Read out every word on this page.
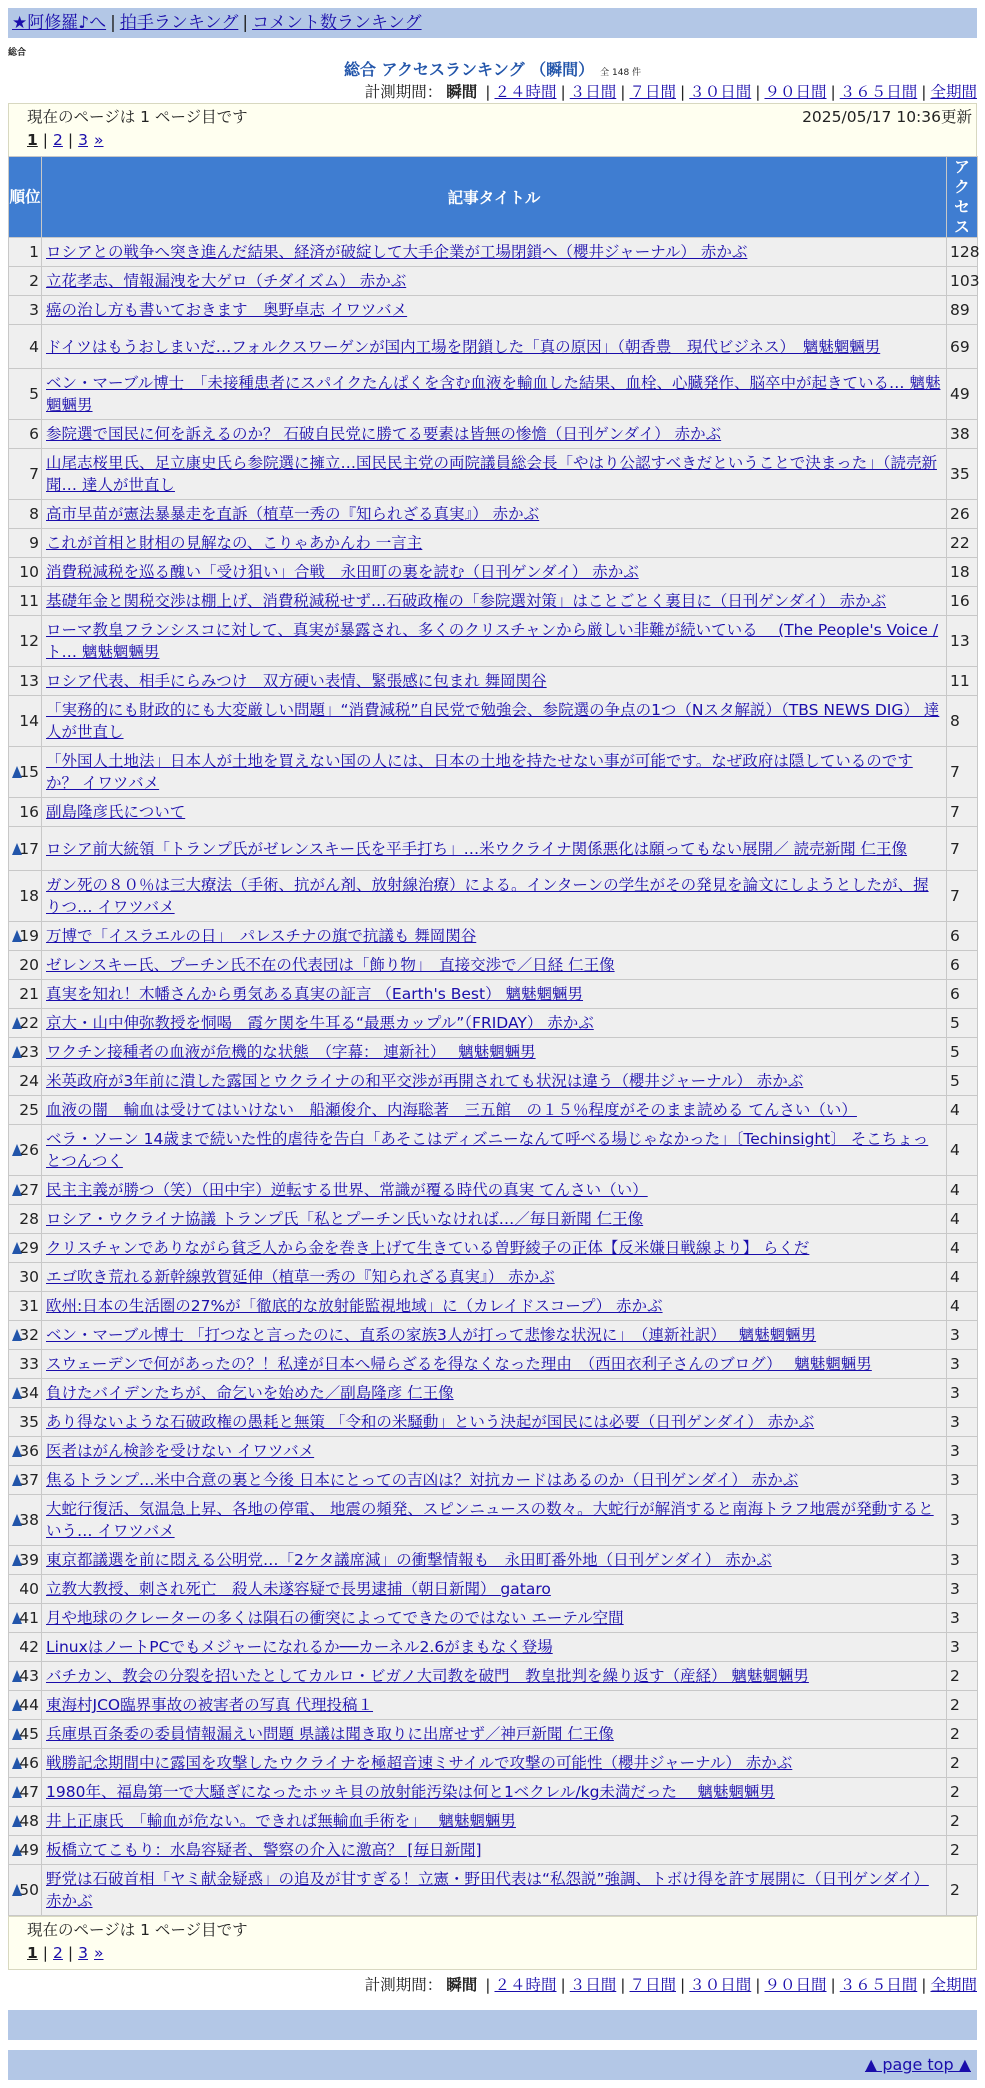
★阿修羅♪へ | 拍手ランキング | コメント数ランキング
総合
総合 アクセスランキング （瞬間） 全 148 件
計測期間： 瞬間 | ２４時間 | ３日間 | ７日間 | ３０日間 | ９０日間 | ３６５日間 | 全期間
現在のページは 1 ページ目です	2025/05/17 10:36更新
1 | 2 | 3 »
順位	記事タイトル	アクセス
1	ロシアとの戦争へ突き進んだ結果、経済が破綻して大手企業が工場閉鎖へ（櫻井ジャーナル） 赤かぶ	128
2	立花孝志、情報漏洩を大ゲロ（チダイズム） 赤かぶ	103
3	癌の治し方も書いておきます　奥野卓志 イワツバメ	89
4	ドイツはもうおしまいだ…フォルクスワーゲンが国内工場を閉鎖した「真の原因」（朝香豊　現代ビジネス）　魑魅魍魎男	69
5	ベン・マーブル博士　「未接種患者にスパイクたんぱくを含む血液を輸血した結果、血栓、心臓発作、脳卒中が起きている… 魑魅魍魎男	49
6	参院選で国民に何を訴えるのか？ 石破自民党に勝てる要素は皆無の惨憺（日刊ゲンダイ） 赤かぶ	38
7	山尾志桜里氏、足立康史氏ら参院選に擁立…国民民主党の両院議員総会長「やはり公認すべきだということで決まった」（読売新聞… 達人が世直し	35
8	高市早苗が憲法暴暴走を直訴（植草一秀の『知られざる真実』） 赤かぶ	26
9	これが首相と財相の見解なの、こりゃあかんわ 一言主	22
10	消費税減税を巡る醜い「受け狙い」合戦　永田町の裏を読む（日刊ゲンダイ） 赤かぶ	18
11	基礎年金と関税交渉は棚上げ、消費税減税せず…石破政権の「参院選対策」はことごとく裏目に（日刊ゲンダイ） 赤かぶ	16
12	ローマ教皇フランシスコに対して、真実が暴露され、多くのクリスチャンから厳しい非難が続いている　 (The People's Voice / ト… 魑魅魍魎男	13
13	ロシア代表、相手にらみつけ　双方硬い表情、緊張感に包まれ 舞岡関谷	11
14	「実務的にも財政的にも大変厳しい問題」“消費減税”自民党で勉強会、参院選の争点の1つ（Nスタ解説）（TBS NEWS DIG） 達人が世直し	8

15	「外国人土地法」日本人が土地を買えない国の人には、日本の土地を持たせない事が可能です。なぜ政府は隠しているのですか？ イワツバメ	7
16	副島隆彦氏について	7

17	ロシア前大統領「トランプ氏がゼレンスキー氏を平手打ち」…米ウクライナ関係悪化は願ってもない展開／ 読売新聞 仁王像	7
18	ガン死の８０％は三大療法（手術、抗がん剤、放射線治療）による。インターンの学生がその発見を論文にしようとしたが、握りつ… イワツバメ	7

19	万博で「イスラエルの日」　パレスチナの旗で抗議も 舞岡関谷	6
20	ゼレンスキー氏、プーチン氏不在の代表団は「飾り物」　直接交渉で／日経 仁王像	6
21	真実を知れ！木幡さんから勇気ある真実の証言 （Earth's Best） 魑魅魍魎男	6

22	京大・山中伸弥教授を恫喝　霞ケ関を牛耳る“最悪カップル”（FRIDAY） 赤かぶ	5

23	ワクチン接種者の血液が危機的な状態　（字幕： 連新社）　 魑魅魍魎男	5
24	米英政府が3年前に潰した露国とウクライナの和平交渉が再開されても状況は違う（櫻井ジャーナル） 赤かぶ	5
25	血液の闇　輸血は受けてはいけない　船瀬俊介、内海聡著　三五館　の１５％程度がそのまま読める てんさい（い）	4

26	ベラ・ソーン 14歳まで続いた性的虐待を告白「あそこはディズニーなんて呼べる場じゃなかった」〔Techinsight〕 そこちょっとつんつく	4

27	民主主義が勝つ（笑）（田中宇）逆転する世界、常識が覆る時代の真実 てんさい（い）	4
28	ロシア・ウクライナ協議 トランプ氏「私とプーチン氏いなければ…／毎日新聞 仁王像	4

29	クリスチャンでありながら貧乏人から金を巻き上げて生きている曽野綾子の正体【反米嫌日戦線より】 らくだ	4
30	エゴ吹き荒れる新幹線敦賀延伸（植草一秀の『知られざる真実』） 赤かぶ	4
31	欧州:日本の生活圏の27%が「徹底的な放射能監視地域」に（カレイドスコープ） 赤かぶ	4

32	ベン・マーブル博士 「打つなと言ったのに、直系の家族3人が打って悲惨な状況に」　（連新社訳）　 魑魅魍魎男	3
33	スウェーデンで何があったの？！私達が日本へ帰らざるを得なくなった理由　（西田衣利子さんのブログ）　 魑魅魍魎男	3

34	負けたバイデンたちが、命乞いを始めた／副島隆彦 仁王像	3
35	あり得ないような石破政権の愚耗と無策 「令和の米騒動」という決起が国民には必要（日刊ゲンダイ） 赤かぶ	3

36	医者はがん検診を受けない イワツバメ	3

37	焦るトランプ…米中合意の裏と今後 日本にとっての吉凶は？対抗カードはあるのか（日刊ゲンダイ） 赤かぶ	3

38	大蛇行復活、気温急上昇、各地の停電、 地震の頻発、スピンニュースの数々。大蛇行が解消すると南海トラフ地震が発動するという… イワツバメ	3

39	東京都議選を前に悶える公明党…「2ケタ議席減」の衝撃情報も　永田町番外地（日刊ゲンダイ） 赤かぶ	3
40	立教大教授、刺され死亡　殺人未遂容疑で長男逮捕（朝日新聞） gataro	3

41	月や地球のクレーターの多くは隕石の衝突によってできたのではない エーテル空間	3
42	LinuxはノートPCでもメジャーになれるか──カーネル2.6がまもなく登場	3

43	バチカン、教会の分裂を招いたとしてカルロ・ビガノ大司教を破門　教皇批判を繰り返す（産経） 魑魅魍魎男	2

44	東海村JCO臨界事故の被害者の写真 代理投稿１	2

45	兵庫県百条委の委員情報漏えい問題 県議は聞き取りに出席せず／神戸新聞 仁王像	2

46	戦勝記念期間中に露国を攻撃したウクライナを極超音速ミサイルで攻撃の可能性（櫻井ジャーナル） 赤かぶ	2

47	1980年、福島第一で大騒ぎになったホッキ貝の放射能汚染は何と1ベクレル/kg未満だった　 魑魅魍魎男	2

48	井上正康氏　「輸血が危ない。できれば無輸血手術を」　 魑魅魍魎男	2

49	板橋立てこもり：水島容疑者、警察の介入に激高？ [毎日新聞]	2

50	野党は石破首相「ヤミ献金疑惑」の追及が甘すぎる！立憲・野田代表は“私怨説”強調、トボけ得を許す展開に（日刊ゲンダイ） 赤かぶ	2
現在のページは 1 ページ目です
1 | 2 | 3 »
計測期間： 瞬間 | ２４時間 | ３日間 | ７日間 | ３０日間 | ９０日間 | ３６５日間 | 全期間
▲ page top ▲
